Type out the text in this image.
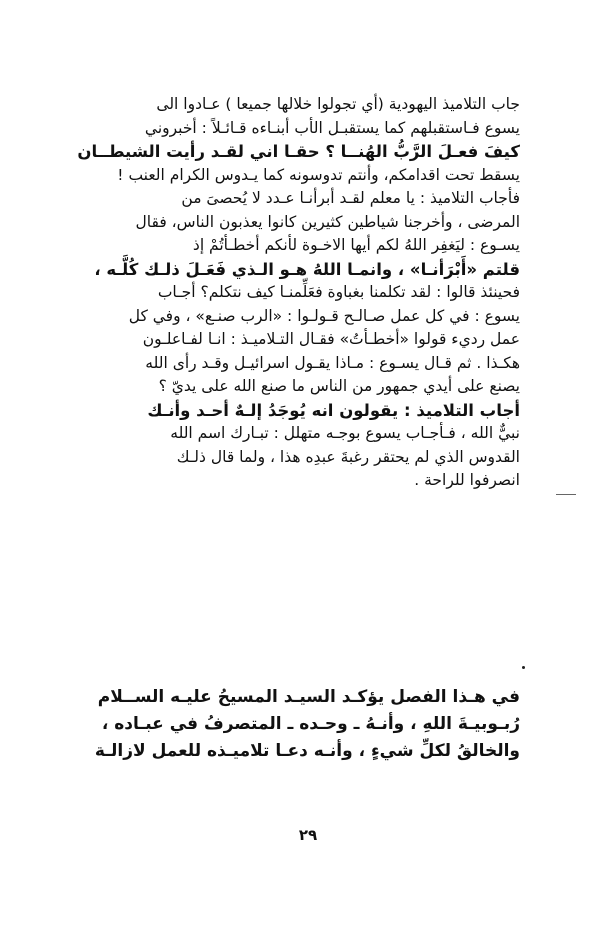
جاب التلاميذ اليهودية (أي تجولوا خلالها جميعا ) عـادوا الى
يسوع فـاستقبلهم كما يستقبـل الأب أبنـاءه قـائـلاً : أخبروني
كيفَ فعـلَ الرَّبُّ الهُنــا ؟ حقـا اني لقـد رأيت الشيطــان
يسقط تحت اقدامكم، وأنتم تدوسونه كما يـدوس الكرام العنب !
فأجاب التلاميذ : يا معلم لقـد أبرأنـا عـدد لا يُحصىَ من
المرضى ، وأخرجنا شياطين كثيرين كانوا يعذبون الناس، فقال
يسـوع : ليَغفِر اللهُ لكم أيها الاخـوة لأنكم أخطـأتُمْ إذ
قلتم «أَبْرَأنـا» ، وانمـا اللهُ هـو الـذي فَعَـلَ ذلـك كُلَّـه ،
فحينئذ قالوا : لقد تكلمنا بغباوة فعَلِّمنـا كيف نتكلم؟ أجـاب
يسوع : في كل عمل صـالـح قـولـوا : «الرب صنـع» ، وفي كل
عمل رديء قولوا «أخطـأتُ» فقـال التـلاميـذ : انـا لفـاعلـون
هكـذا . ثم قـال يسـوع : مـاذا يقـول اسرائيـل وقـد رأى الله
يصنع على أيدي جمهور من الناس ما صنع الله على يديّ ؟
أجاب التلاميذ : يقولون انه يُوجَدُ إلـهٌ أحـد وأنـك
نبيٌّ الله ، فـأجـاب يسوع بوجـه متهلل : تبـارك اسم الله
القدوس الذي لم يحتقر رغبةَ عبدِه هذا ، ولما قال ذلـك
انصرفوا للراحة .
في هـذا الفصل يؤكـد السيـد المسيحُ عليـه الســلام
رُبـوبيـةَ اللهِ ، وأنـهُ ـ وحـده ـ المتصرفُ في عبـاده ،
والخالقُ لكلِّ شيءٍ ، وأنـه دعـا تلاميـذه للعمل لازالـة
٢٩
